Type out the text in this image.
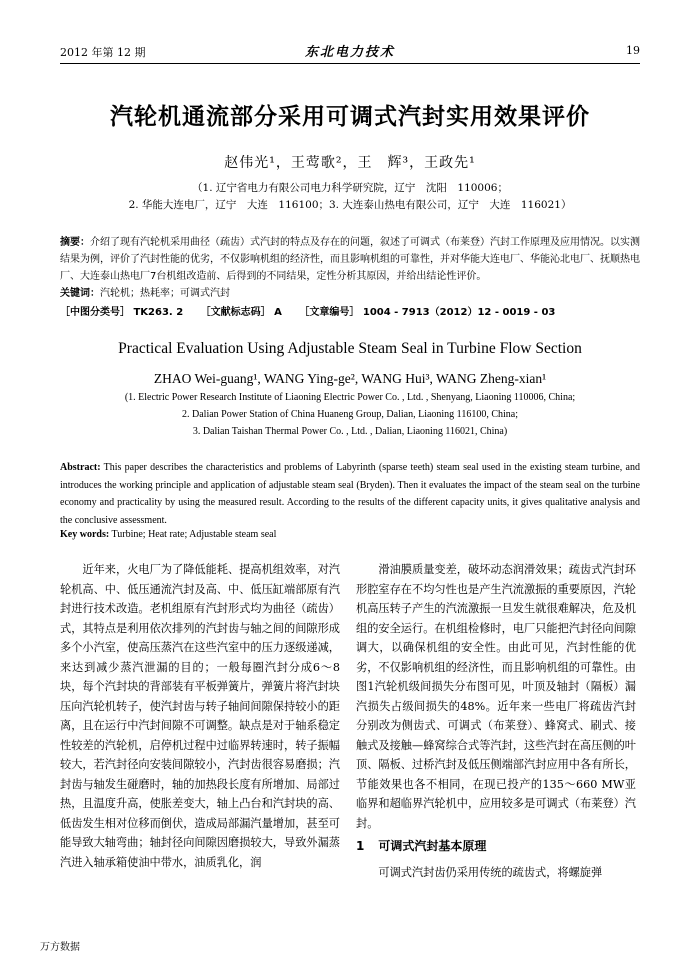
2012 年第 12 期	东北电力技术	19
汽轮机通流部分采用可调式汽封实用效果评价
赵伟光¹，王莺歌²，王　辉³，王政先¹
（1. 辽宁省电力有限公司电力科学研究院，辽宁　沈阳　110006；
2. 华能大连电厂，辽宁　大连　116100；3. 大连泰山热电有限公司，辽宁　大连　116021）
摘要：介绍了现有汽轮机采用曲径（疏齿）式汽封的特点及存在的问题，叙述了可调式（布莱登）汽封工作原理及应用情况。以实测结果为例，评价了汽封性能的优劣，不仅影响机组的经济性，而且影响机组的可靠性，并对华能大连电厂、华能沁北电厂、抚顺热电厂、大连泰山热电厂7台机组改造前、后得到的不同结果，定性分析其原因，并给出结论性评价。
关键词：汽轮机；热耗率；可调式汽封
［中图分类号］ TK263. 2 ［文献标志码］ A ［文章编号］ 1004 - 7913（2012）12 - 0019 - 03
Practical Evaluation Using Adjustable Steam Seal in Turbine Flow Section
ZHAO Wei-guang¹, WANG Ying-ge², WANG Hui³, WANG Zheng-xian¹
(1. Electric Power Research Institute of Liaoning Electric Power Co. , Ltd. , Shenyang, Liaoning 110006, China;
2. Dalian Power Station of China Huaneng Group, Dalian, Liaoning 116100, China;
3. Dalian Taishan Thermal Power Co. , Ltd. , Dalian, Liaoning 116021, China)
Abstract: This paper describes the characteristics and problems of Labyrinth (sparse teeth) steam seal used in the existing steam turbine, and introduces the working principle and application of adjustable steam seal (Bryden). Then it evaluates the impact of the steam seal on the turbine economy and practicality by using the measured result. According to the results of the different capacity units, it gives qualitative analysis and the conclusive assessment.
Key words: Turbine; Heat rate; Adjustable steam seal

近年来，火电厂为了降低能耗、提高机组效率，对汽轮机高、中、低压通流汽封及高、中、低压缸端部原有汽封进行技术改造。老机组原有汽封形式均为曲径（疏齿）式，其特点是利用依次排列的汽封齿与轴之间的间隙形成多个小汽室，使高压蒸汽在这些汽室中的压力逐级递减，来达到减少蒸汽泄漏的目的；一般每圈汽封分成6～8块，每个汽封块的背部装有平板弹簧片，弹簧片将汽封块压向汽轮机转子，使汽封齿与转子轴间间隙保持较小的距离，且在运行中汽封间隙不可调整。缺点是对于轴系稳定性较差的汽轮机，启停机过程中过临界转速时，转子振幅较大，若汽封径向安装间隙较小，汽封齿很容易磨损；汽封齿与轴发生碰磨时，轴的加热段长度有所增加、局部过热，且温度升高，使胀差变大，轴上凸台和汽封块的高、低齿发生相对位移而倒伏，造成局部漏汽量增加，甚至可能导致大轴弯曲；轴封径向间隙因磨损较大，导致外漏蒸汽进入轴承箱使油中带水，油质乳化，润

滑油膜质量变差，破坏动态润滑效果；疏齿式汽封环形腔室存在不均匀性也是产生汽流激振的重要原因，汽轮机高压转子产生的汽流激振一旦发生就很难解决，危及机组的安全运行。在机组检修时，电厂只能把汽封径向间隙调大，以确保机组的安全性。由此可见，汽封性能的优劣，不仅影响机组的经济性，而且影响机组的可靠性。由图1汽轮机级间损失分布图可见，叶顶及轴封（隔板）漏汽损失占级间损失的48%。近年来一些电厂将疏齿汽封分别改为侧齿式、可调式（布莱登）、蜂窝式、刷式、接触式及接触—蜂窝综合式等汽封，这些汽封在高压侧的叶顶、隔板、过桥汽封及低压侧端部汽封应用中各有所长，节能效果也各不相同，在现已投产的135～660 MW亚临界和超临界汽轮机中，应用较多是可调式（布莱登）汽封。

1 可调式汽封基本原理

可调式汽封齿仍采用传统的疏齿式，将螺旋弹

万方数据
